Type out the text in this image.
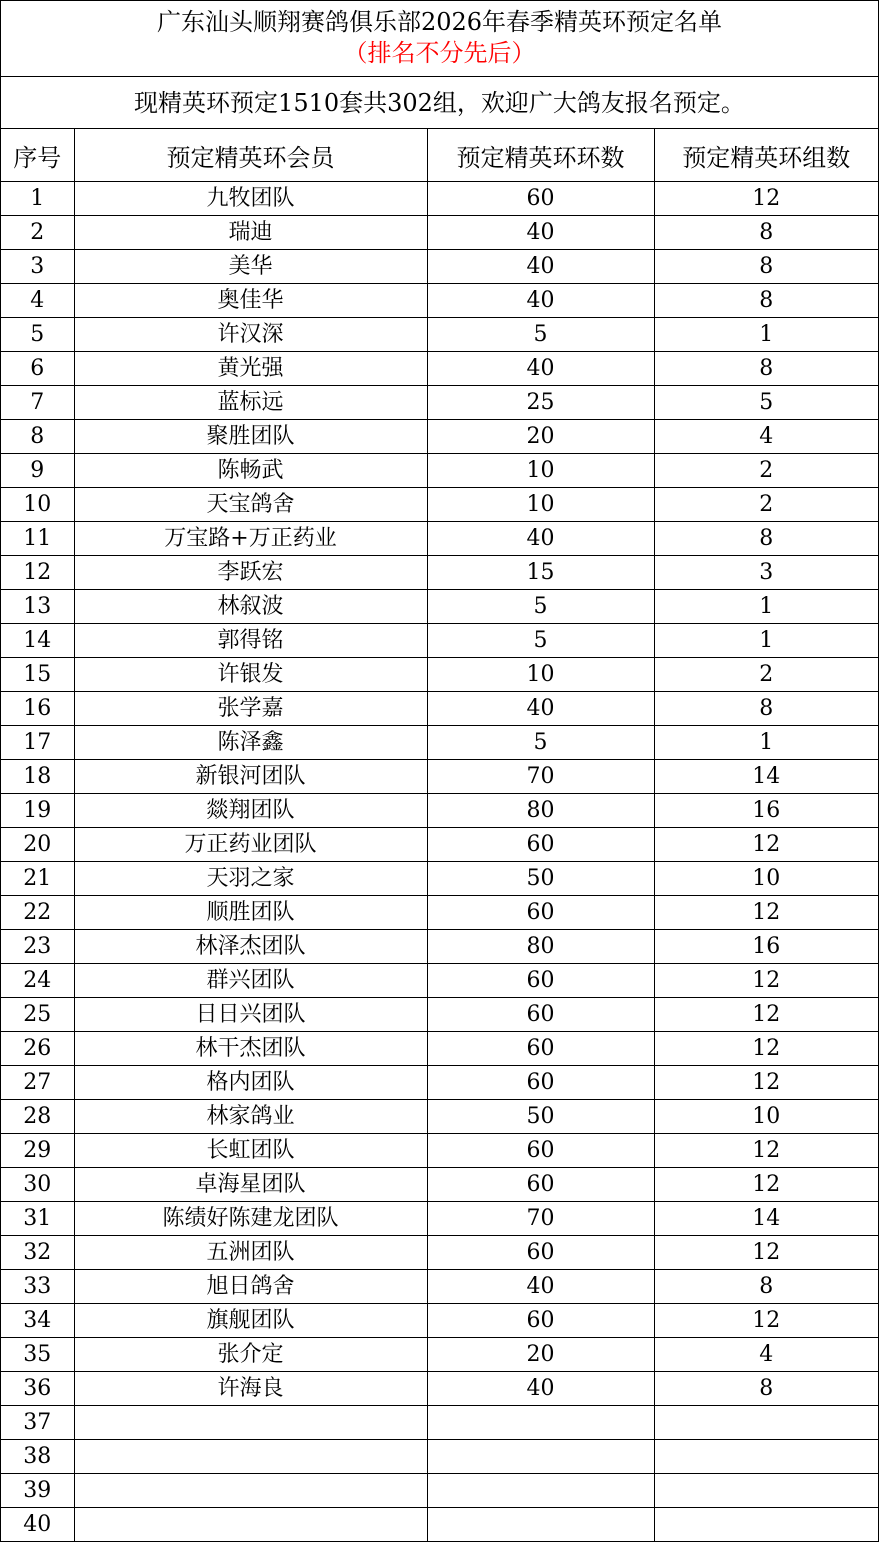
广东汕头顺翔赛鸽俱乐部2026年春季精英环预定名单
（排名不分先后）
现精英环预定1510套共302组，欢迎广大鸽友报名预定。
序号	预定精英环会员	预定精英环环数	预定精英环组数
1	九牧团队	60	12
2	瑞迪	40	8
3	美华	40	8
4	奥佳华	40	8
5	许汉深	5	1
6	黄光强	40	8
7	蓝标远	25	5
8	聚胜团队	20	4
9	陈畅武	10	2
10	天宝鸽舍	10	2
11	万宝路+万正药业	40	8
12	李跃宏	15	3
13	林叙波	5	1
14	郭得铭	5	1
15	许银发	10	2
16	张学嘉	40	8
17	陈泽鑫	5	1
18	新银河团队	70	14
19	燚翔团队	80	16
20	万正药业团队	60	12
21	天羽之家	50	10
22	顺胜团队	60	12
23	林泽杰团队	80	16
24	群兴团队	60	12
25	日日兴团队	60	12
26	林干杰团队	60	12
27	格内团队	60	12
28	林家鸽业	50	10
29	长虹团队	60	12
30	卓海星团队	60	12
31	陈绩好陈建龙团队	70	14
32	五洲团队	60	12
33	旭日鸽舍	40	8
34	旗舰团队	60	12
35	张介定	20	4
36	许海良	40	8
37			
38			
39			
40			
